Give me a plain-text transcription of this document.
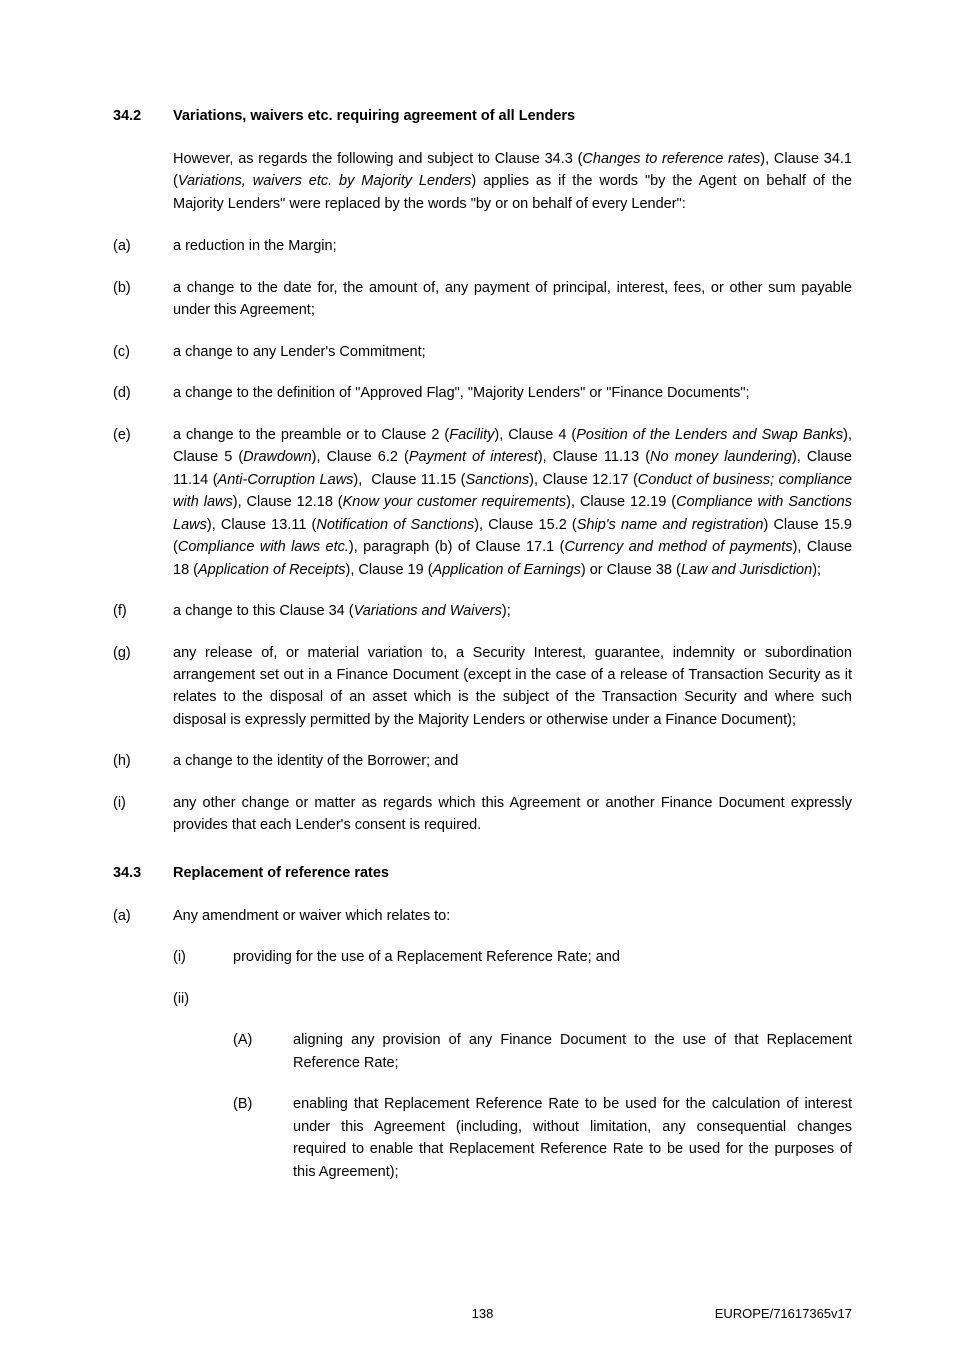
34.2	Variations, waivers etc. requiring agreement of all Lenders
However, as regards the following and subject to Clause 34.3 (Changes to reference rates), Clause 34.1 (Variations, waivers etc. by Majority Lenders) applies as if the words "by the Agent on behalf of the Majority Lenders" were replaced by the words "by or on behalf of every Lender":
(a)	a reduction in the Margin;
(b)	a change to the date for, the amount of, any payment of principal, interest, fees, or other sum payable under this Agreement;
(c)	a change to any Lender's Commitment;
(d)	a change to the definition of "Approved Flag", "Majority Lenders" or "Finance Documents";
(e)	a change to the preamble or to Clause 2 (Facility), Clause 4 (Position of the Lenders and Swap Banks), Clause 5 (Drawdown), Clause 6.2 (Payment of interest), Clause 11.13 (No money laundering), Clause 11.14 (Anti-Corruption Laws),  Clause 11.15 (Sanctions), Clause 12.17 (Conduct of business; compliance with laws), Clause 12.18 (Know your customer requirements), Clause 12.19 (Compliance with Sanctions Laws), Clause 13.11 (Notification of Sanctions), Clause 15.2 (Ship's name and registration) Clause 15.9 (Compliance with laws etc.), paragraph (b) of Clause 17.1 (Currency and method of payments), Clause 18 (Application of Receipts), Clause 19 (Application of Earnings) or Clause 38 (Law and Jurisdiction);
(f)	a change to this Clause 34 (Variations and Waivers);
(g)	any release of, or material variation to, a Security Interest, guarantee, indemnity or subordination arrangement set out in a Finance Document (except in the case of a release of Transaction Security as it relates to the disposal of an asset which is the subject of the Transaction Security and where such disposal is expressly permitted by the Majority Lenders or otherwise under a Finance Document);
(h)	a change to the identity of the Borrower; and
(i)	any other change or matter as regards which this Agreement or another Finance Document expressly provides that each Lender's consent is required.
34.3	Replacement of reference rates
(a)	Any amendment or waiver which relates to:
(i)	providing for the use of a Replacement Reference Rate; and
(ii)
(A)	aligning any provision of any Finance Document to the use of that Replacement Reference Rate;
(B)	enabling that Replacement Reference Rate to be used for the calculation of interest under this Agreement (including, without limitation, any consequential changes required to enable that Replacement Reference Rate to be used for the purposes of this Agreement);
138	EUROPE/71617365v17
